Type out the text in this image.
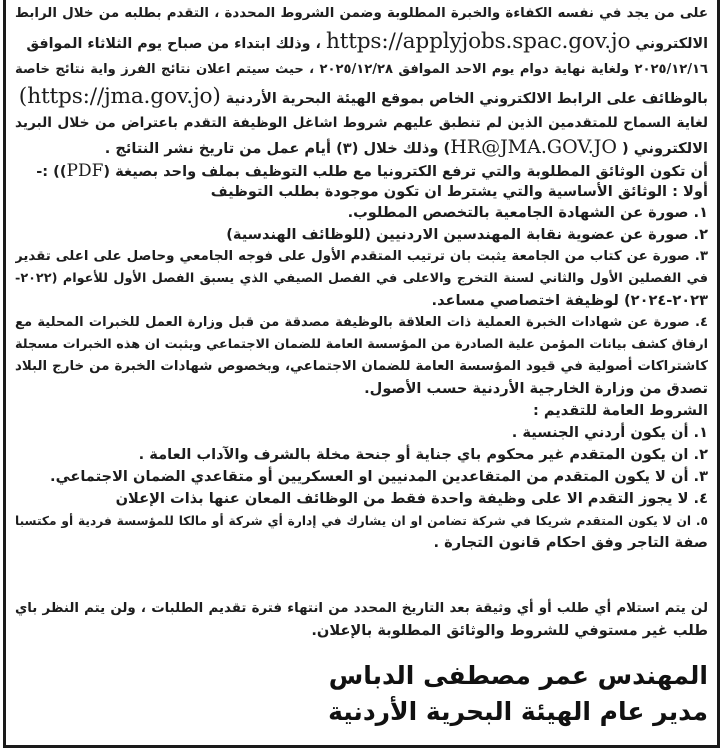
على من يجد في نفسه الكفاءة والخبرة المطلوبة وضمن الشروط المحددة ، التقدم بطلبه من خلال الرابط
الالكتروني https://applyjobs.spac.gov.jo ، وذلك ابتداء من صباح يوم الثلاثاء الموافق
٢٠٢٥/١٢/١٦ ولغاية نهاية دوام يوم الاحد الموافق ٢٠٢٥/١٢/٢٨ ، حيث سيتم اعلان نتائج الفرز واية نتائج خاصة
بالوظائف على الرابط الالكتروني الخاص بموقع الهيئة البحرية الأردنية (https://jma.gov.jo)
لغاية السماح للمتقدمين الذين لم تنطبق عليهم شروط اشاغل الوظيفة التقدم باعتراض من خلال البريد
الالكتروني ( HR@JMA.GOV.JO) وذلك خلال (٣) أيام عمل من تاريخ نشر النتائج .
أن تكون الوثائق المطلوبة والتي ترفع الكترونيا مع طلب التوظيف بملف واحد بصيغة (PDF)) :-
أولا : الوثائق الأساسية والتي يشترط ان تكون موجودة بطلب التوظيف
١. صورة عن الشهادة الجامعية بالتخصص المطلوب.
٢. صورة عن عضوية نقابة المهندسين الاردنيين (للوظائف الهندسية)
٣. صورة عن كتاب من الجامعة يثبت بان ترتيب المتقدم الأول على فوجه الجامعي وحاصل على اعلى تقدير
في الفصلين الأول والثاني لسنة التخرج والاعلى في الفصل الصيفي الذي يسبق الفصل الأول للأعوام (٢٠٢٢-
٢٠٢٣-٢٠٢٤) لوظيفة اختصاصي مساعد.
٤. صورة عن شهادات الخبرة العملية ذات العلاقة بالوظيفة مصدقة من قبل وزارة العمل للخبرات المحلية مع
ارفاق كشف بيانات المؤمن علية الصادرة من المؤسسة العامة للضمان الاجتماعي ويثبت ان هذه الخبرات مسجلة
كاشتراكات أصولية في قيود المؤسسة العامة للضمان الاجتماعي، وبخصوص شهادات الخبرة من خارج البلاد
تصدق من وزارة الخارجية الأردنية حسب الأصول.
الشروط العامة للتقديم :
١. أن يكون أردني الجنسية .
٢. ان يكون المتقدم غير محكوم باي جناية أو جنحة مخلة بالشرف والآداب العامة .
٣. أن لا يكون المتقدم من المتقاعدين المدنيين او العسكريين أو متقاعدي الضمان الاجتماعي.
٤. لا يجوز التقدم الا على وظيفة واحدة فقط من الوظائف المعان عنها بذات الإعلان
٥. ان لا يكون المتقدم شريكا في شركة تضامن او ان يشارك في إدارة أي شركة أو مالكا للمؤسسة فردية أو مكتسبا
صفة التاجر وفق احكام قانون التجارة .
لن يتم استلام أي طلب أو أي وثيقة بعد التاريخ المحدد من انتهاء فترة تقديم الطلبات ، ولن يتم النظر باي
طلب غير مستوفي للشروط والوثائق المطلوبة بالإعلان.
المهندس عمر مصطفى الدباس
مدير عام الهيئة البحرية الأردنية
